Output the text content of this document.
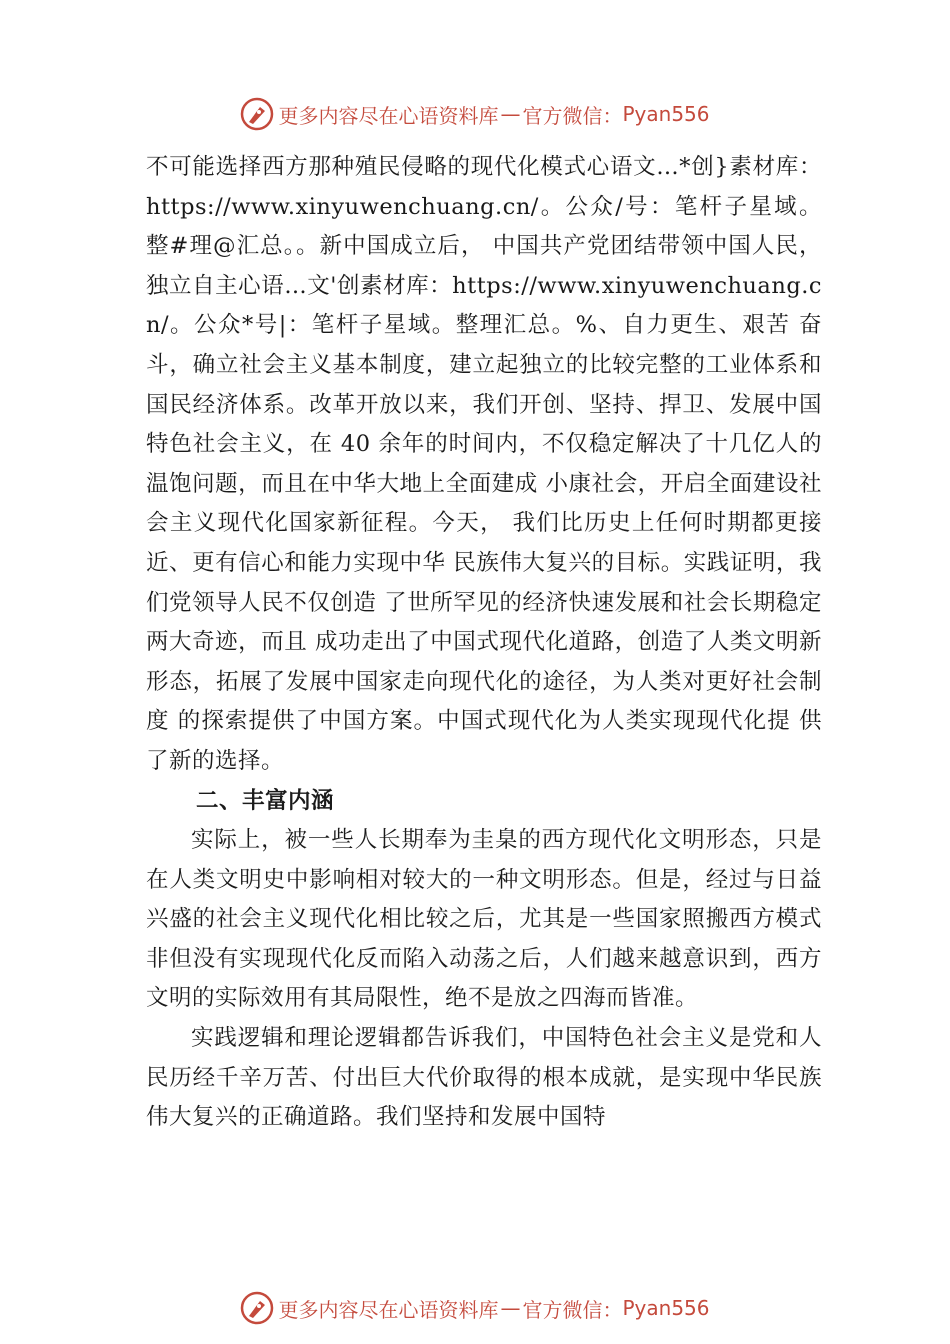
更多内容尽在心语资料库 — 官方微信： Pyan556

不可能选择西方那种殖民侵略的现代化模式心语文…*创}素材库：https://www.xinyuwenchuang.cn/。公众/号：笔杆子星域。整#理@汇总。。新中国成立后， 中国共产党团结带领中国人民，独立自主心语…文'创素材库：https://www.xinyuwenchuang.cn/。公众*号|：笔杆子星域。整理汇总。%、自力更生、艰苦 奋斗，确立社会主义基本制度，建立起独立的比较完整的工业体系和国民经济体系。改革开放以来，我们开创、坚持、捍卫、发展中国特色社会主义，在 40 余年的时间内，不仅稳定解决了十几亿人的温饱问题，而且在中华大地上全面建成 小康社会，开启全面建设社会主义现代化国家新征程。今天， 我们比历史上任何时期都更接近、更有信心和能力实现中华 民族伟大复兴的目标。实践证明，我们党领导人民不仅创造 了世所罕见的经济快速发展和社会长期稳定两大奇迹，而且 成功走出了中国式现代化道路，创造了人类文明新形态，拓展了发展中国家走向现代化的途径，为人类对更好社会制度 的探索提供了中国方案。中国式现代化为人类实现现代化提 供了新的选择。

二、丰富内涵

实际上，被一些人长期奉为圭臬的西方现代化文明形态，只是在人类文明史中影响相对较大的一种文明形态。但是，经过与日益兴盛的社会主义现代化相比较之后，尤其是一些国家照搬西方模式非但没有实现现代化反而陷入动荡之后，人们越来越意识到，西方文明的实际效用有其局限性，绝不是放之四海而皆准。

实践逻辑和理论逻辑都告诉我们，中国特色社会主义是党和人民历经千辛万苦、付出巨大代价取得的根本成就，是实现中华民族伟大复兴的正确道路。我们坚持和发展中国特

更多内容尽在心语资料库 — 官方微信： Pyan556
